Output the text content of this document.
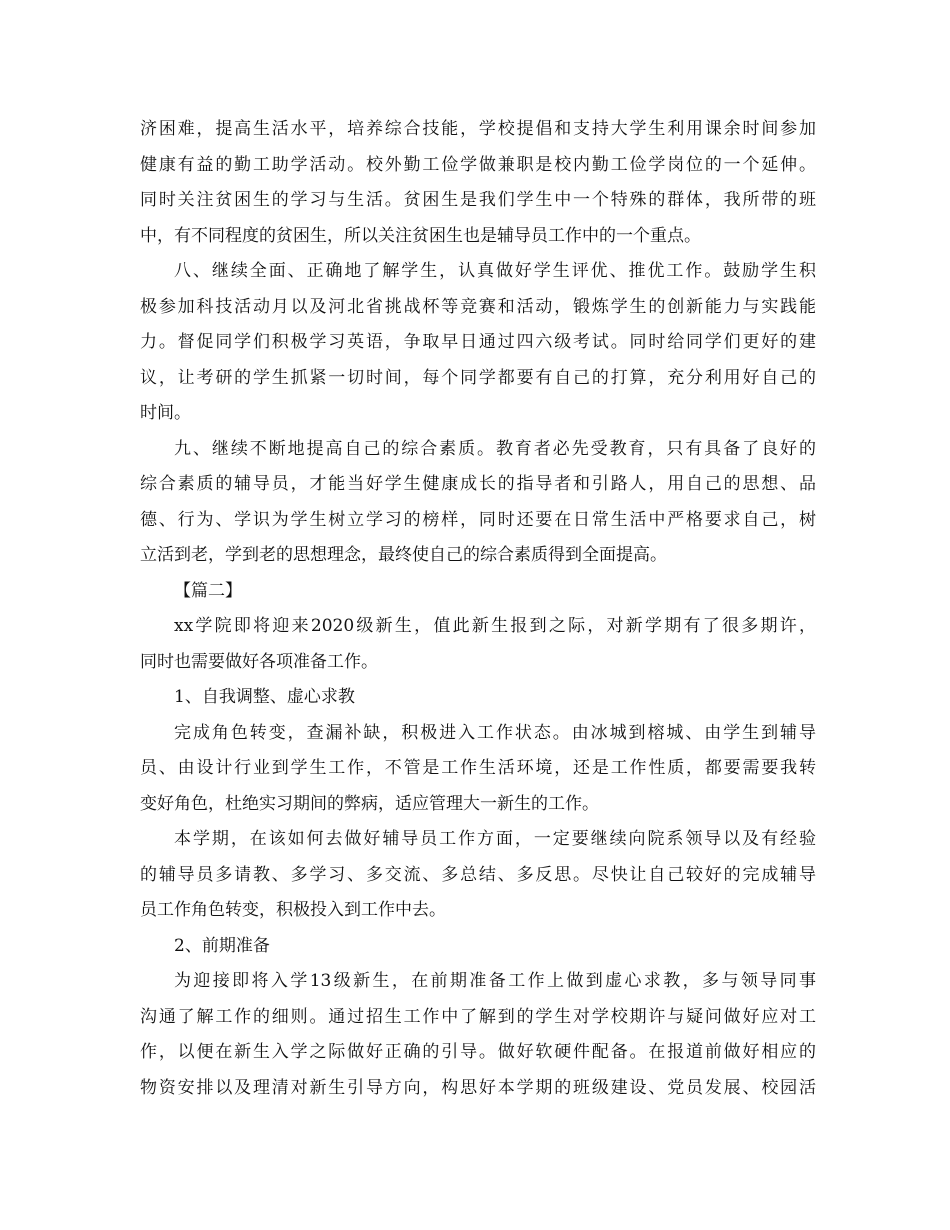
济困难，提高生活水平，培养综合技能，学校提倡和支持大学生利用课余时间参加
健康有益的勤工助学活动。校外勤工俭学做兼职是校内勤工俭学岗位的一个延伸。
同时关注贫困生的学习与生活。贫困生是我们学生中一个特殊的群体，我所带的班
中，有不同程度的贫困生，所以关注贫困生也是辅导员工作中的一个重点。
八、继续全面、正确地了解学生，认真做好学生评优、推优工作。鼓励学生积
极参加科技活动月以及河北省挑战杯等竞赛和活动，锻炼学生的创新能力与实践能
力。督促同学们积极学习英语，争取早日通过四六级考试。同时给同学们更好的建
议，让考研的学生抓紧一切时间，每个同学都要有自己的打算，充分利用好自己的
时间。
九、继续不断地提高自己的综合素质。教育者必先受教育，只有具备了良好的
综合素质的辅导员，才能当好学生健康成长的指导者和引路人，用自己的思想、品
德、行为、学识为学生树立学习的榜样，同时还要在日常生活中严格要求自己，树
立活到老，学到老的思想理念，最终使自己的综合素质得到全面提高。
【篇二】
xx学院即将迎来2020级新生，值此新生报到之际，对新学期有了很多期许，
同时也需要做好各项准备工作。
1、自我调整、虚心求教
完成角色转变，查漏补缺，积极进入工作状态。由冰城到榕城、由学生到辅导
员、由设计行业到学生工作，不管是工作生活环境，还是工作性质，都要需要我转
变好角色，杜绝实习期间的弊病，适应管理大一新生的工作。
本学期，在该如何去做好辅导员工作方面，一定要继续向院系领导以及有经验
的辅导员多请教、多学习、多交流、多总结、多反思。尽快让自己较好的完成辅导
员工作角色转变，积极投入到工作中去。
2、前期准备
为迎接即将入学13级新生，在前期准备工作上做到虚心求教，多与领导同事
沟通了解工作的细则。通过招生工作中了解到的学生对学校期许与疑问做好应对工
作，以便在新生入学之际做好正确的引导。做好软硬件配备。在报道前做好相应的
物资安排以及理清对新生引导方向，构思好本学期的班级建设、党员发展、校园活
